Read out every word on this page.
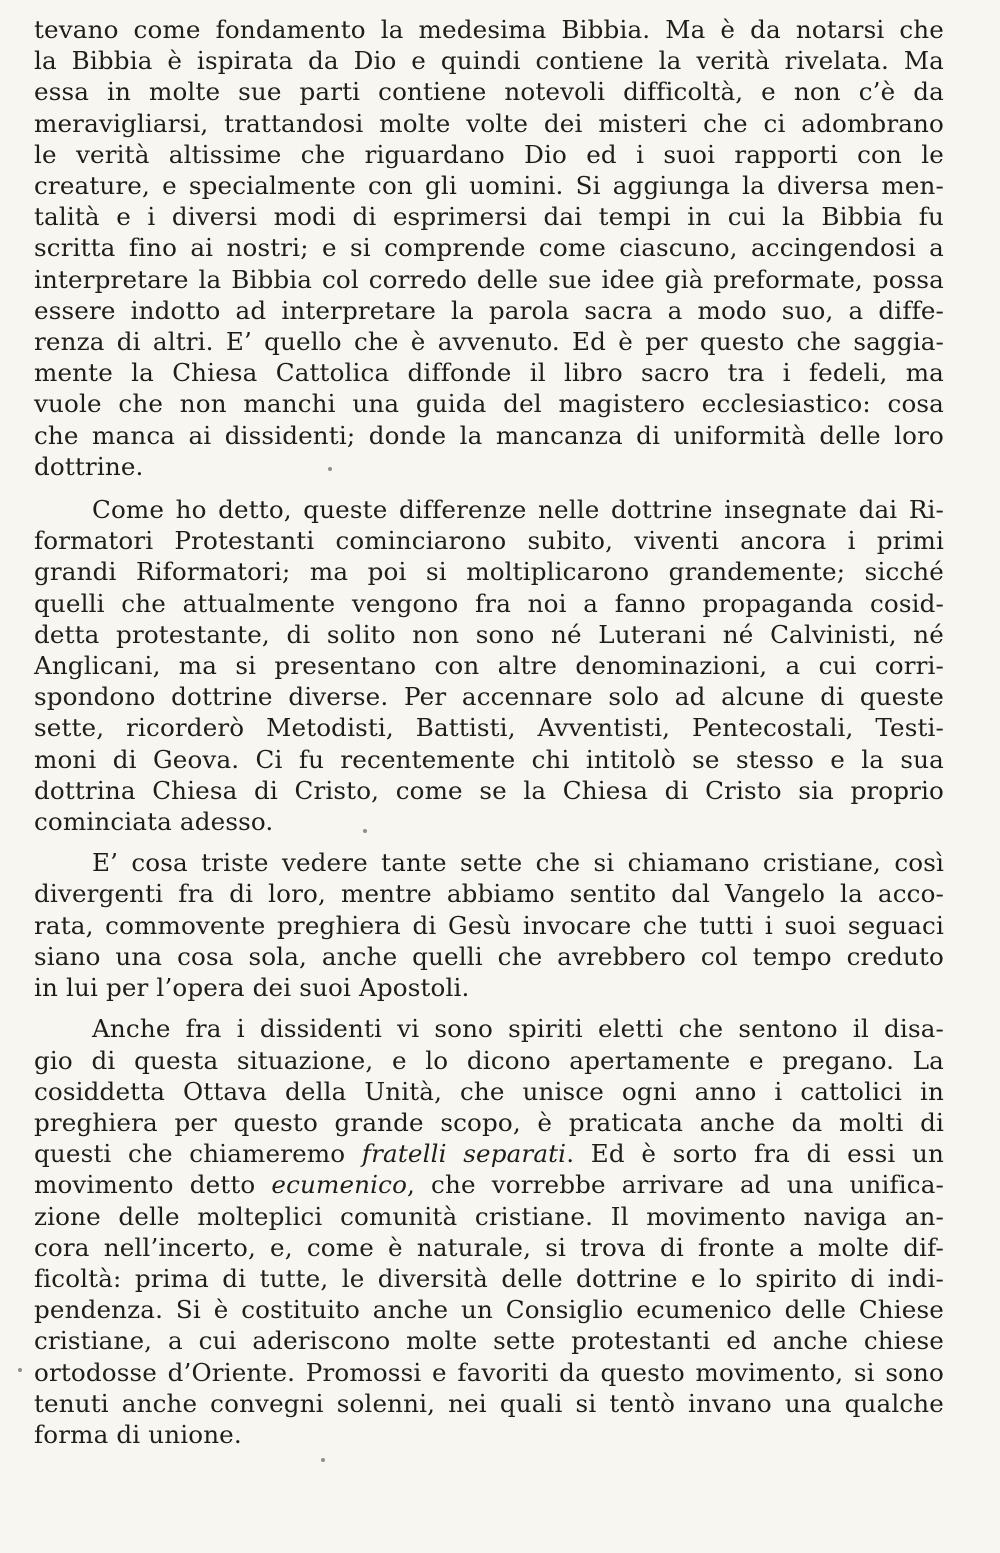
tevano come fondamento la medesima Bibbia. Ma è da notarsi che
la Bibbia è ispirata da Dio e quindi contiene la verità rivelata. Ma
essa in molte sue parti contiene notevoli difficoltà, e non c’è da
meravigliarsi, trattandosi molte volte dei misteri che ci adombrano
le verità altissime che riguardano Dio ed i suoi rapporti con le
creature, e specialmente con gli uomini. Si aggiunga la diversa men-
talità e i diversi modi di esprimersi dai tempi in cui la Bibbia fu
scritta fino ai nostri; e si comprende come ciascuno, accingendosi a
interpretare la Bibbia col corredo delle sue idee già preformate, possa
essere indotto ad interpretare la parola sacra a modo suo, a diffe-
renza di altri. E’ quello che è avvenuto. Ed è per questo che saggia-
mente la Chiesa Cattolica diffonde il libro sacro tra i fedeli, ma
vuole che non manchi una guida del magistero ecclesiastico: cosa
che manca ai dissidenti; donde la mancanza di uniformità delle loro
dottrine.

Come ho detto, queste differenze nelle dottrine insegnate dai Ri-
formatori Protestanti cominciarono subito, viventi ancora i primi
grandi Riformatori; ma poi si moltiplicarono grandemente; sicché
quelli che attualmente vengono fra noi a fanno propaganda cosid-
detta protestante, di solito non sono né Luterani né Calvinisti, né
Anglicani, ma si presentano con altre denominazioni, a cui corri-
spondono dottrine diverse. Per accennare solo ad alcune di queste
sette, ricorderò Metodisti, Battisti, Avventisti, Pentecostali, Testi-
moni di Geova. Ci fu recentemente chi intitolò se stesso e la sua
dottrina Chiesa di Cristo, come se la Chiesa di Cristo sia proprio
cominciata adesso.

E’ cosa triste vedere tante sette che si chiamano cristiane, così
divergenti fra di loro, mentre abbiamo sentito dal Vangelo la acco-
rata, commovente preghiera di Gesù invocare che tutti i suoi seguaci
siano una cosa sola, anche quelli che avrebbero col tempo creduto
in lui per l’opera dei suoi Apostoli.

Anche fra i dissidenti vi sono spiriti eletti che sentono il disa-
gio di questa situazione, e lo dicono apertamente e pregano. La
cosiddetta Ottava della Unità, che unisce ogni anno i cattolici in
preghiera per questo grande scopo, è praticata anche da molti di
questi che chiameremo fratelli separati. Ed è sorto fra di essi un
movimento detto ecumenico, che vorrebbe arrivare ad una unifica-
zione delle molteplici comunità cristiane. Il movimento naviga an-
cora nell’incerto, e, come è naturale, si trova di fronte a molte dif-
ficoltà: prima di tutte, le diversità delle dottrine e lo spirito di indi-
pendenza. Si è costituito anche un Consiglio ecumenico delle Chiese
cristiane, a cui aderiscono molte sette protestanti ed anche chiese
ortodosse d’Oriente. Promossi e favoriti da questo movimento, si sono
tenuti anche convegni solenni, nei quali si tentò invano una qualche
forma di unione.
